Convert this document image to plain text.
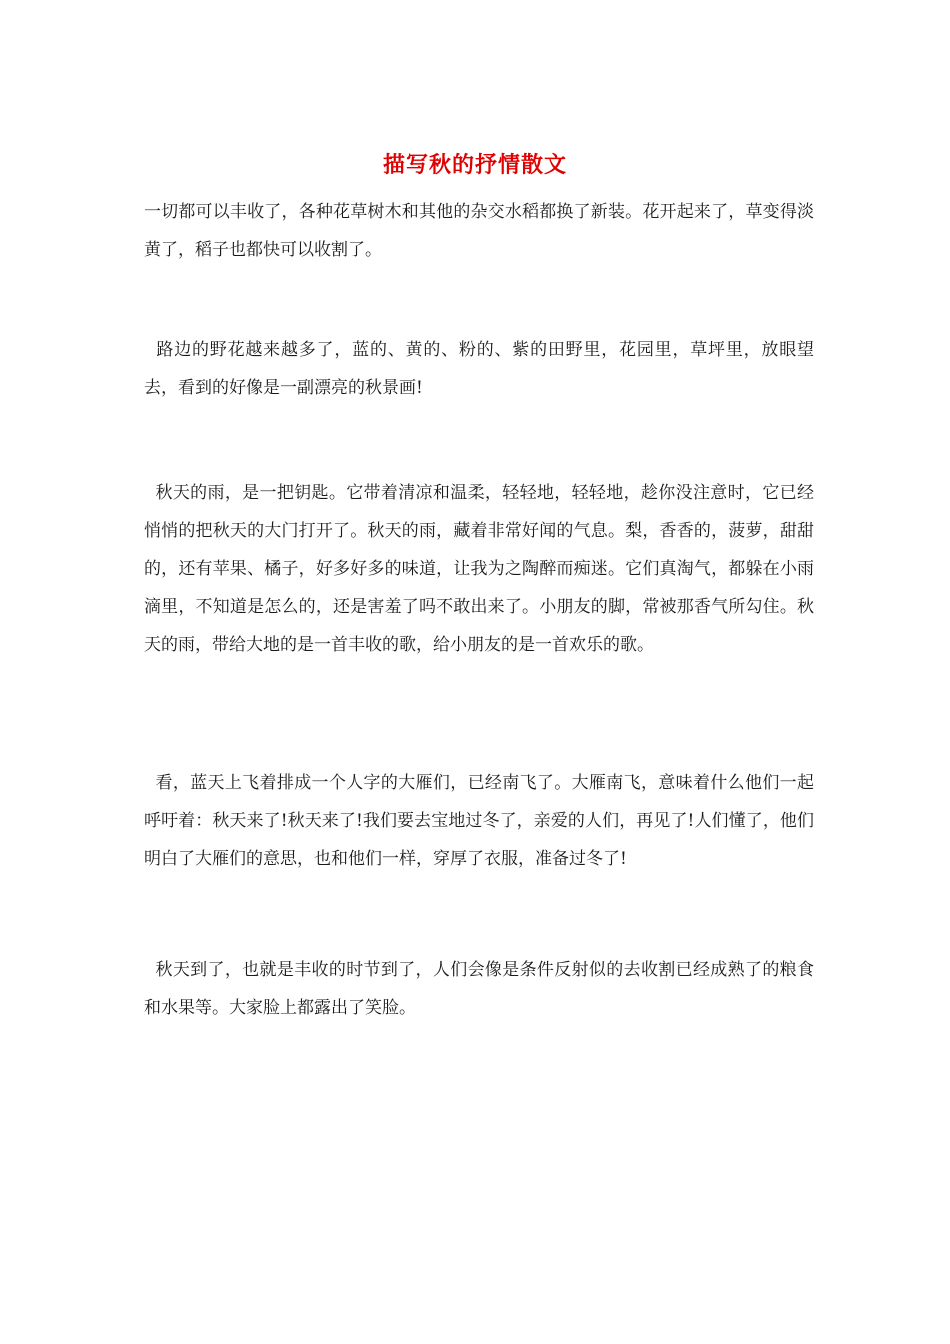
描写秋的抒情散文

一切都可以丰收了，各种花草树木和其他的杂交水稻都换了新装。花开起来了，草变得淡黄了，稻子也都快可以收割了。

路边的野花越来越多了，蓝的、黄的、粉的、紫的田野里，花园里，草坪里，放眼望去，看到的好像是一副漂亮的秋景画!

秋天的雨，是一把钥匙。它带着清凉和温柔，轻轻地，轻轻地，趁你没注意时，它已经悄悄的把秋天的大门打开了。秋天的雨，藏着非常好闻的气息。梨，香香的，菠萝，甜甜的，还有苹果、橘子，好多好多的味道，让我为之陶醉而痴迷。它们真淘气，都躲在小雨滴里，不知道是怎么的，还是害羞了吗不敢出来了。小朋友的脚，常被那香气所勾住。秋天的雨，带给大地的是一首丰收的歌，给小朋友的是一首欢乐的歌。

看，蓝天上飞着排成一个人字的大雁们，已经南飞了。大雁南飞，意味着什么他们一起呼吁着：秋天来了!秋天来了!我们要去宝地过冬了，亲爱的人们，再见了!人们懂了，他们明白了大雁们的意思，也和他们一样，穿厚了衣服，准备过冬了!

秋天到了，也就是丰收的时节到了，人们会像是条件反射似的去收割已经成熟了的粮食和水果等。大家脸上都露出了笑脸。
